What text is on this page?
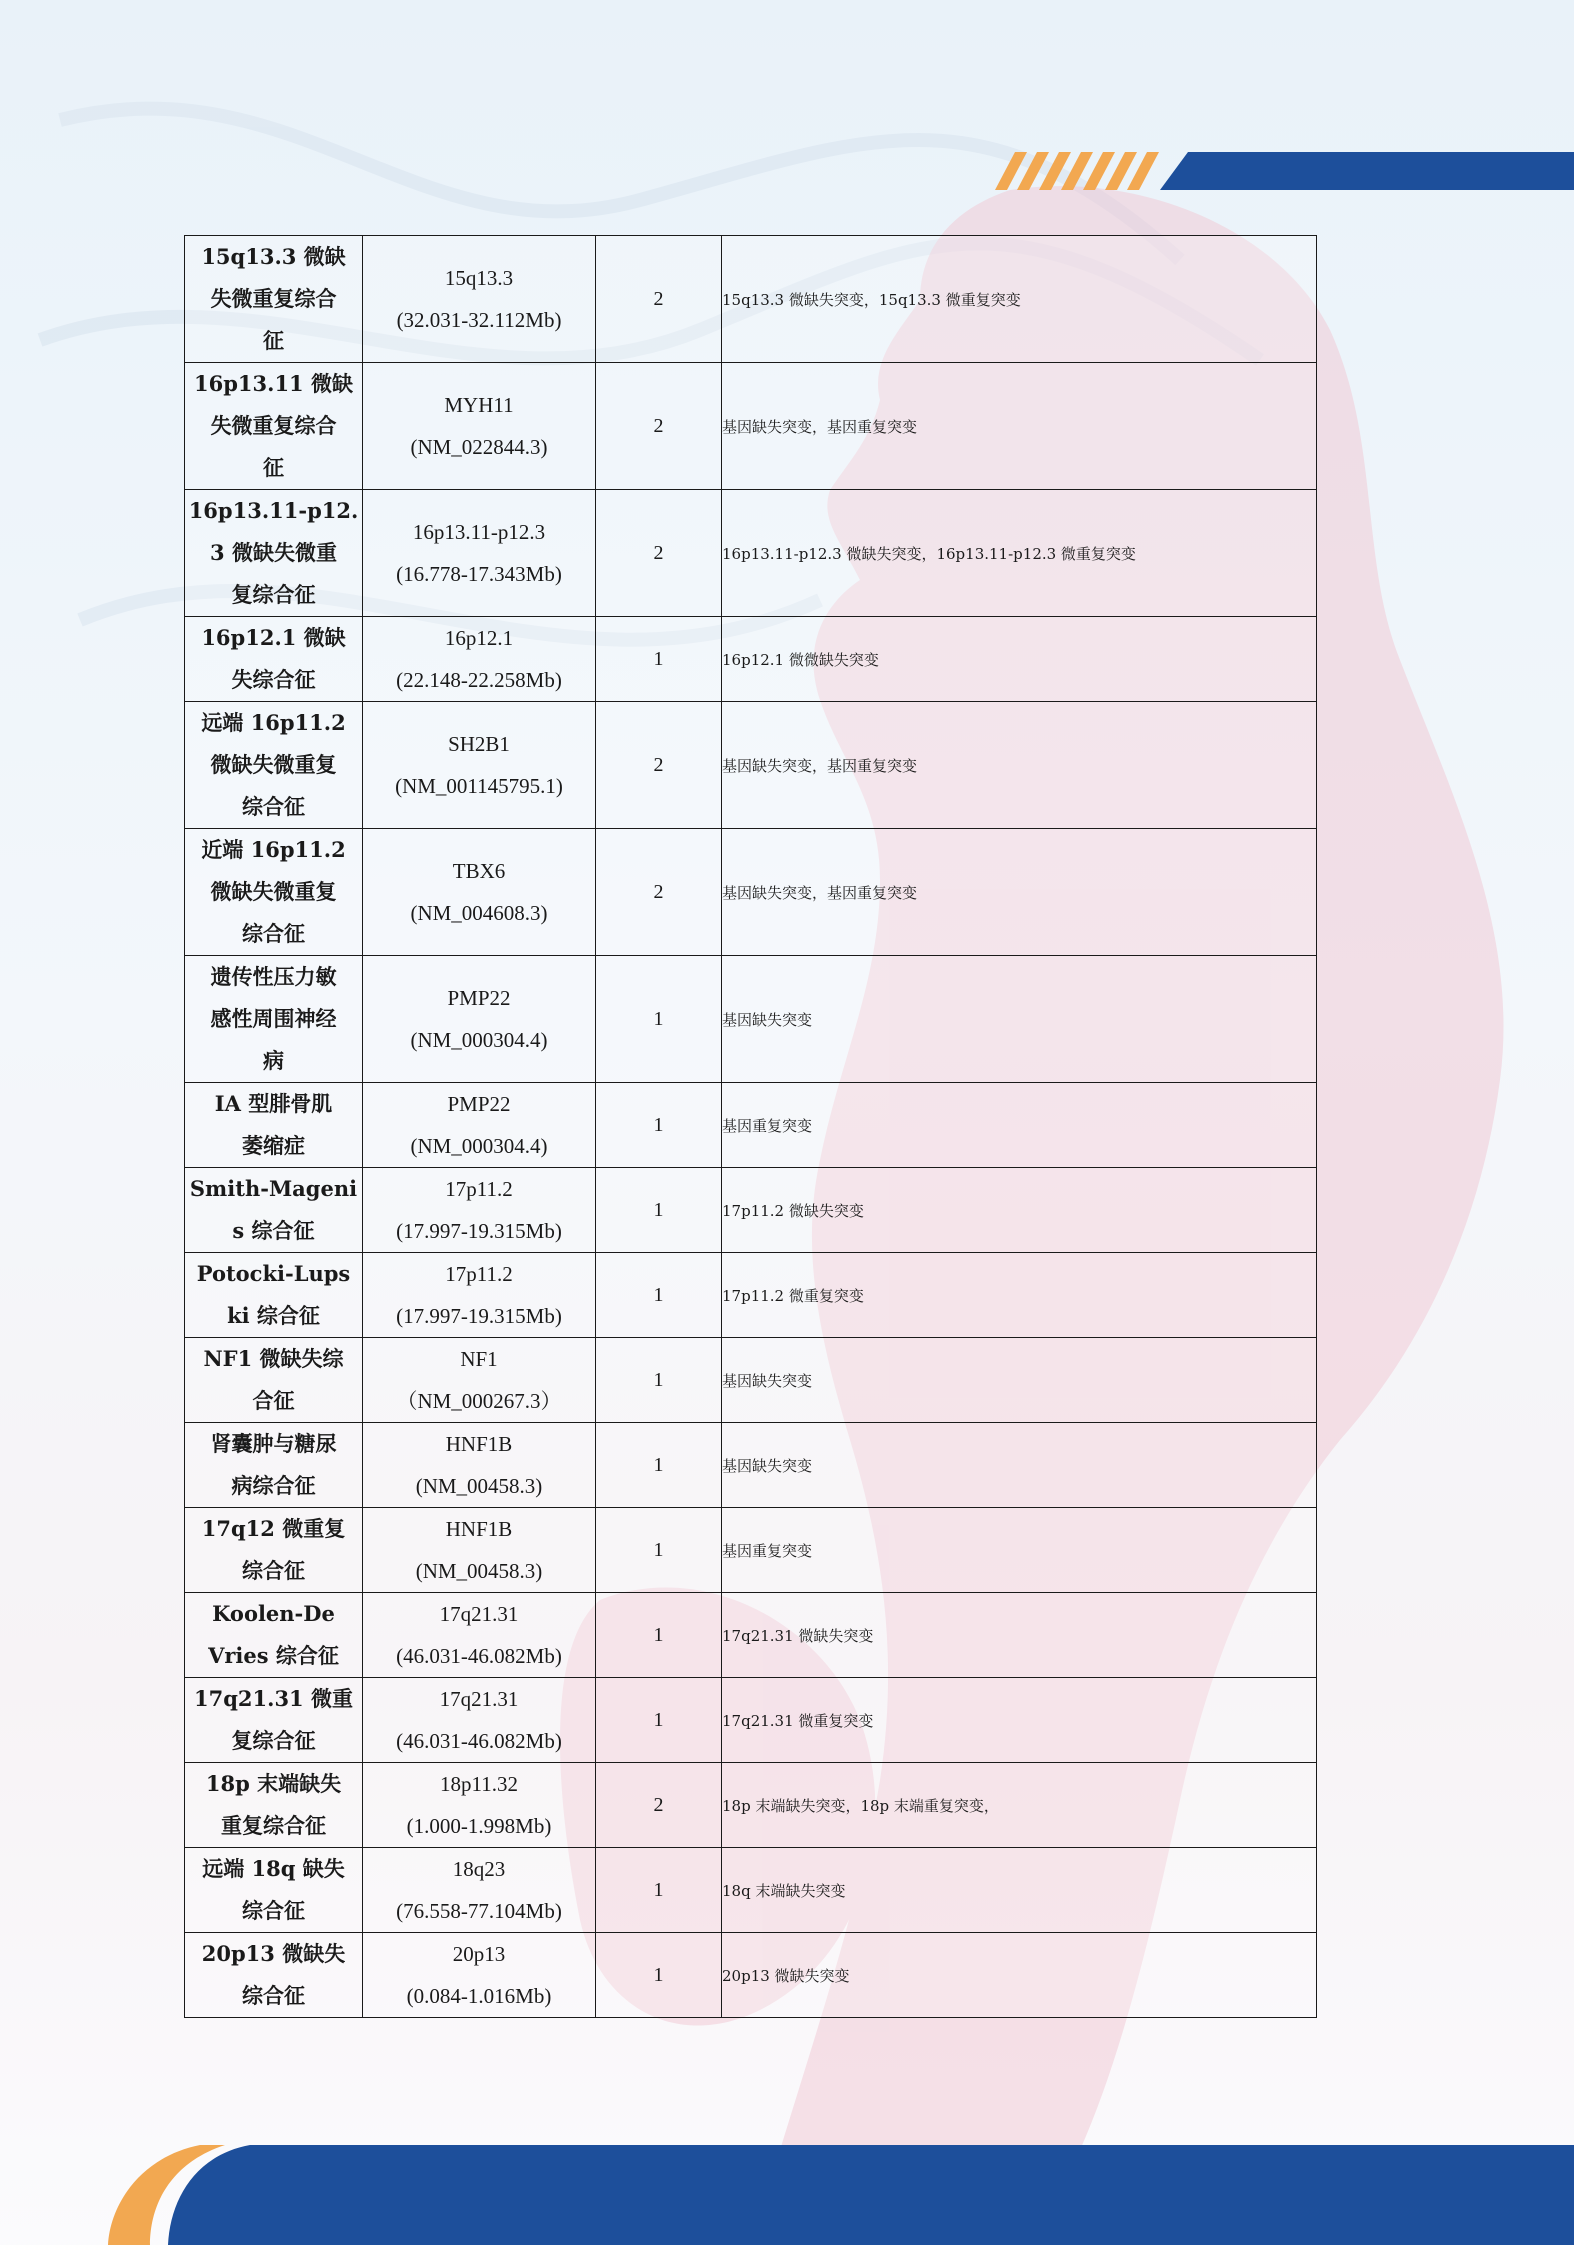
15q13.3 微缺
失微重复综合
征	15q13.3
(32.031-32.112Mb)	2	15q13.3 微缺失突变，15q13.3 微重复突变

16p13.11 微缺
失微重复综合
征	MYH11
(NM_022844.3)	2	基因缺失突变，基因重复突变

16p13.11-p12.
3 微缺失微重
复综合征	16p13.11-p12.3
(16.778-17.343Mb)	2	16p13.11-p12.3 微缺失突变，16p13.11-p12.3 微重复突变

16p12.1 微缺
失综合征	16p12.1
(22.148-22.258Mb)	1	16p12.1 微微缺失突变

远端 16p11.2
微缺失微重复
综合征	SH2B1
(NM_001145795.1)	2	基因缺失突变，基因重复突变

近端 16p11.2
微缺失微重复
综合征	TBX6
(NM_004608.3)	2	基因缺失突变，基因重复突变

遗传性压力敏
感性周围神经
病	PMP22
(NM_000304.4)	1	基因缺失突变

IA 型腓骨肌
萎缩症	PMP22
(NM_000304.4)	1	基因重复突变

Smith-Mageni
s 综合征	17p11.2
(17.997-19.315Mb)	1	17p11.2 微缺失突变

Potocki-Lups
ki 综合征	17p11.2
(17.997-19.315Mb)	1	17p11.2 微重复突变

NF1 微缺失综
合征	NF1
（NM_000267.3）	1	基因缺失突变

肾囊肿与糖尿
病综合征	HNF1B
(NM_00458.3)	1	基因缺失突变

17q12 微重复
综合征	HNF1B
(NM_00458.3)	1	基因重复突变

Koolen-De
Vries 综合征	17q21.31
(46.031-46.082Mb)	1	17q21.31 微缺失突变

17q21.31 微重
复综合征	17q21.31
(46.031-46.082Mb)	1	17q21.31 微重复突变

18p 末端缺失
重复综合征	18p11.32
(1.000-1.998Mb)	2	18p 末端缺失突变，18p 末端重复突变，

远端 18q 缺失
综合征	18q23
(76.558-77.104Mb)	1	18q 末端缺失突变

20p13 微缺失
综合征	20p13
(0.084-1.016Mb)	1	20p13 微缺失突变
